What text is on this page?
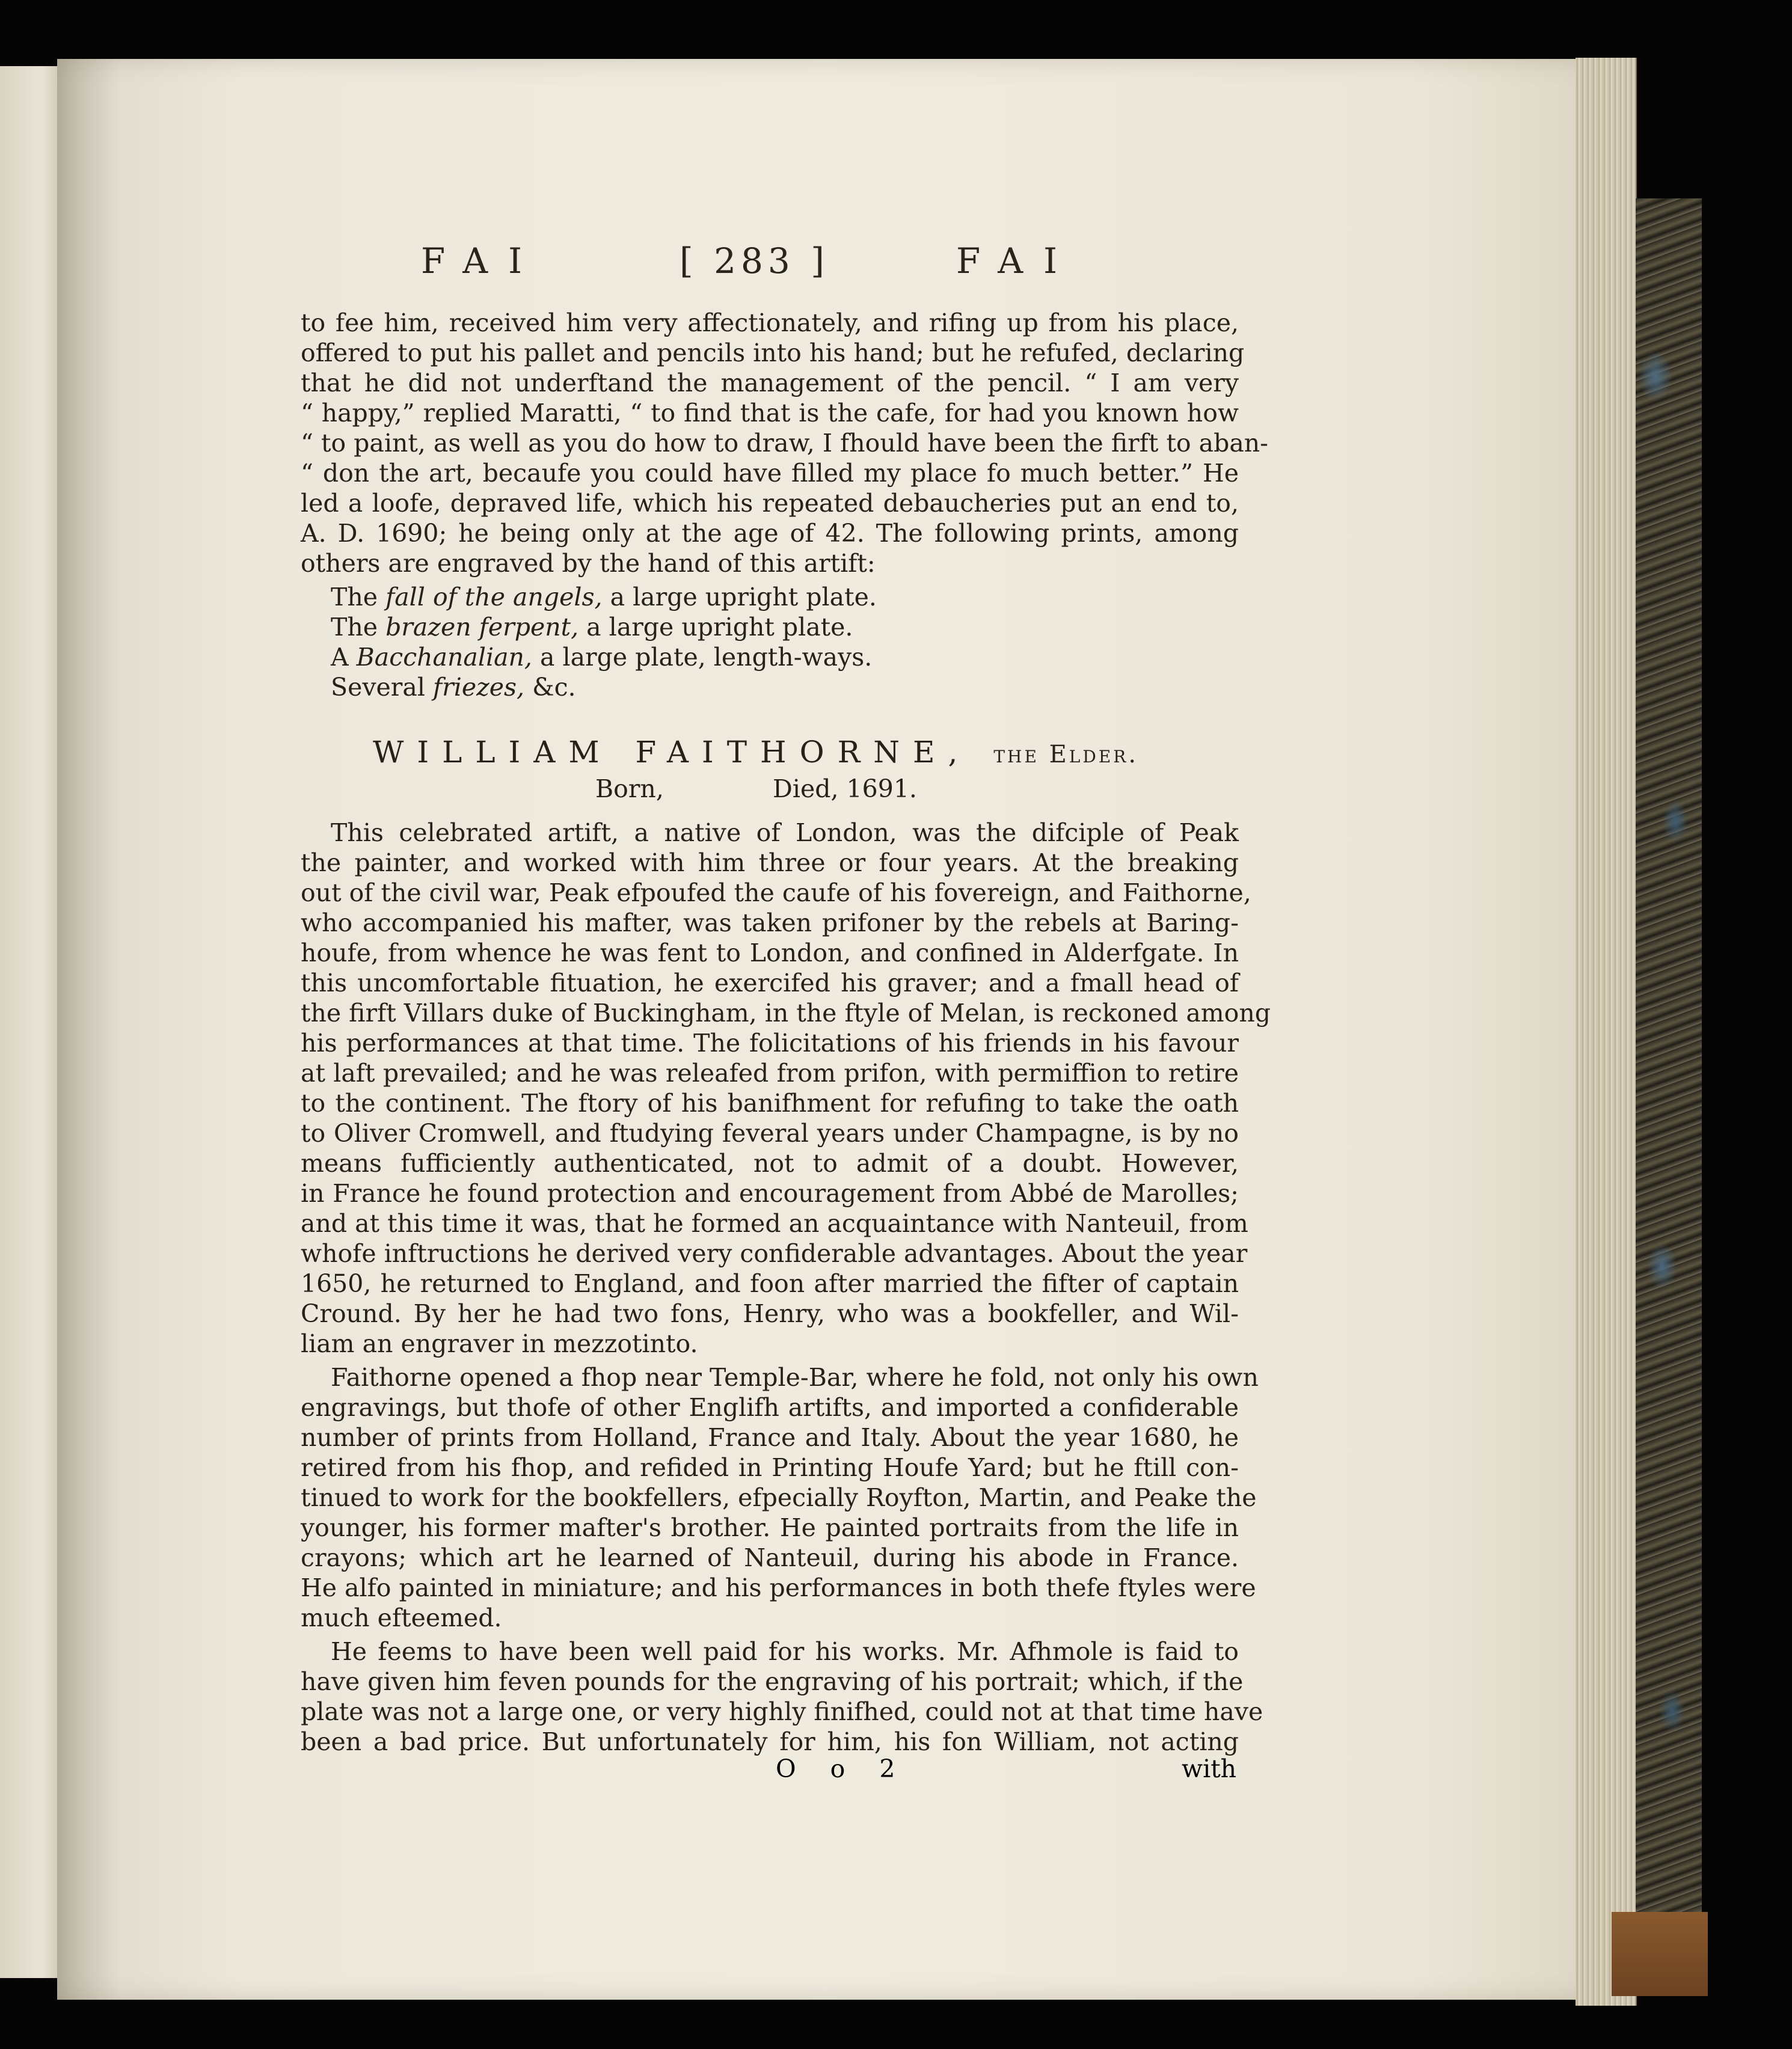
FAI	[ 283 ]	FAI
to fee him, received him very affectionately, and rifing up from his place,
offered to put his pallet and pencils into his hand; but he refufed, declaring
that he did not underftand the management of the pencil. “ I am very
“ happy,” replied Maratti, “ to find that is the cafe, for had you known how
“ to paint, as well as you do how to draw, I fhould have been the firft to aban-
“ don the art, becaufe you could have filled my place fo much better.” He
led a loofe, depraved life, which his repeated debaucheries put an end to,
A. D. 1690; he being only at the age of 42. The following prints, among
others are engraved by the hand of this artift:
The fall of the angels, a large upright plate.
The brazen ferpent, a large upright plate.
A Bacchanalian, a large plate, length-ways.
Several friezes, &c.
WILLIAM FAITHORNE, the Elder.
Born,	Died, 1691.
This celebrated artift, a native of London, was the difciple of Peak
the painter, and worked with him three or four years. At the breaking
out of the civil war, Peak efpoufed the caufe of his fovereign, and Faithorne,
who accompanied his mafter, was taken prifoner by the rebels at Baring-
houfe, from whence he was fent to London, and confined in Alderfgate. In
this uncomfortable fituation, he exercifed his graver; and a fmall head of
the firft Villars duke of Buckingham, in the ftyle of Melan, is reckoned among
his performances at that time. The folicitations of his friends in his favour
at laft prevailed; and he was releafed from prifon, with permiffion to retire
to the continent. The ftory of his banifhment for refufing to take the oath
to Oliver Cromwell, and ftudying feveral years under Champagne, is by no
means fufficiently authenticated, not to admit of a doubt. However,
in France he found protection and encouragement from Abbé de Marolles;
and at this time it was, that he formed an acquaintance with Nanteuil, from
whofe inftructions he derived very confiderable advantages. About the year
1650, he returned to England, and foon after married the fifter of captain
Cround. By her he had two fons, Henry, who was a bookfeller, and Wil-
liam an engraver in mezzotinto.
Faithorne opened a fhop near Temple-Bar, where he fold, not only his own
engravings, but thofe of other Englifh artifts, and imported a confiderable
number of prints from Holland, France and Italy. About the year 1680, he
retired from his fhop, and refided in Printing Houfe Yard; but he ftill con-
tinued to work for the bookfellers, efpecially Royfton, Martin, and Peake the
younger, his former mafter's brother. He painted portraits from the life in
crayons; which art he learned of Nanteuil, during his abode in France.
He alfo painted in miniature; and his performances in both thefe ftyles were
much efteemed.
He feems to have been well paid for his works. Mr. Afhmole is faid to
have given him feven pounds for the engraving of his portrait; which, if the
plate was not a large one, or very highly finifhed, could not at that time have
been a bad price. But unfortunately for him, his fon William, not acting
O o 2	with
